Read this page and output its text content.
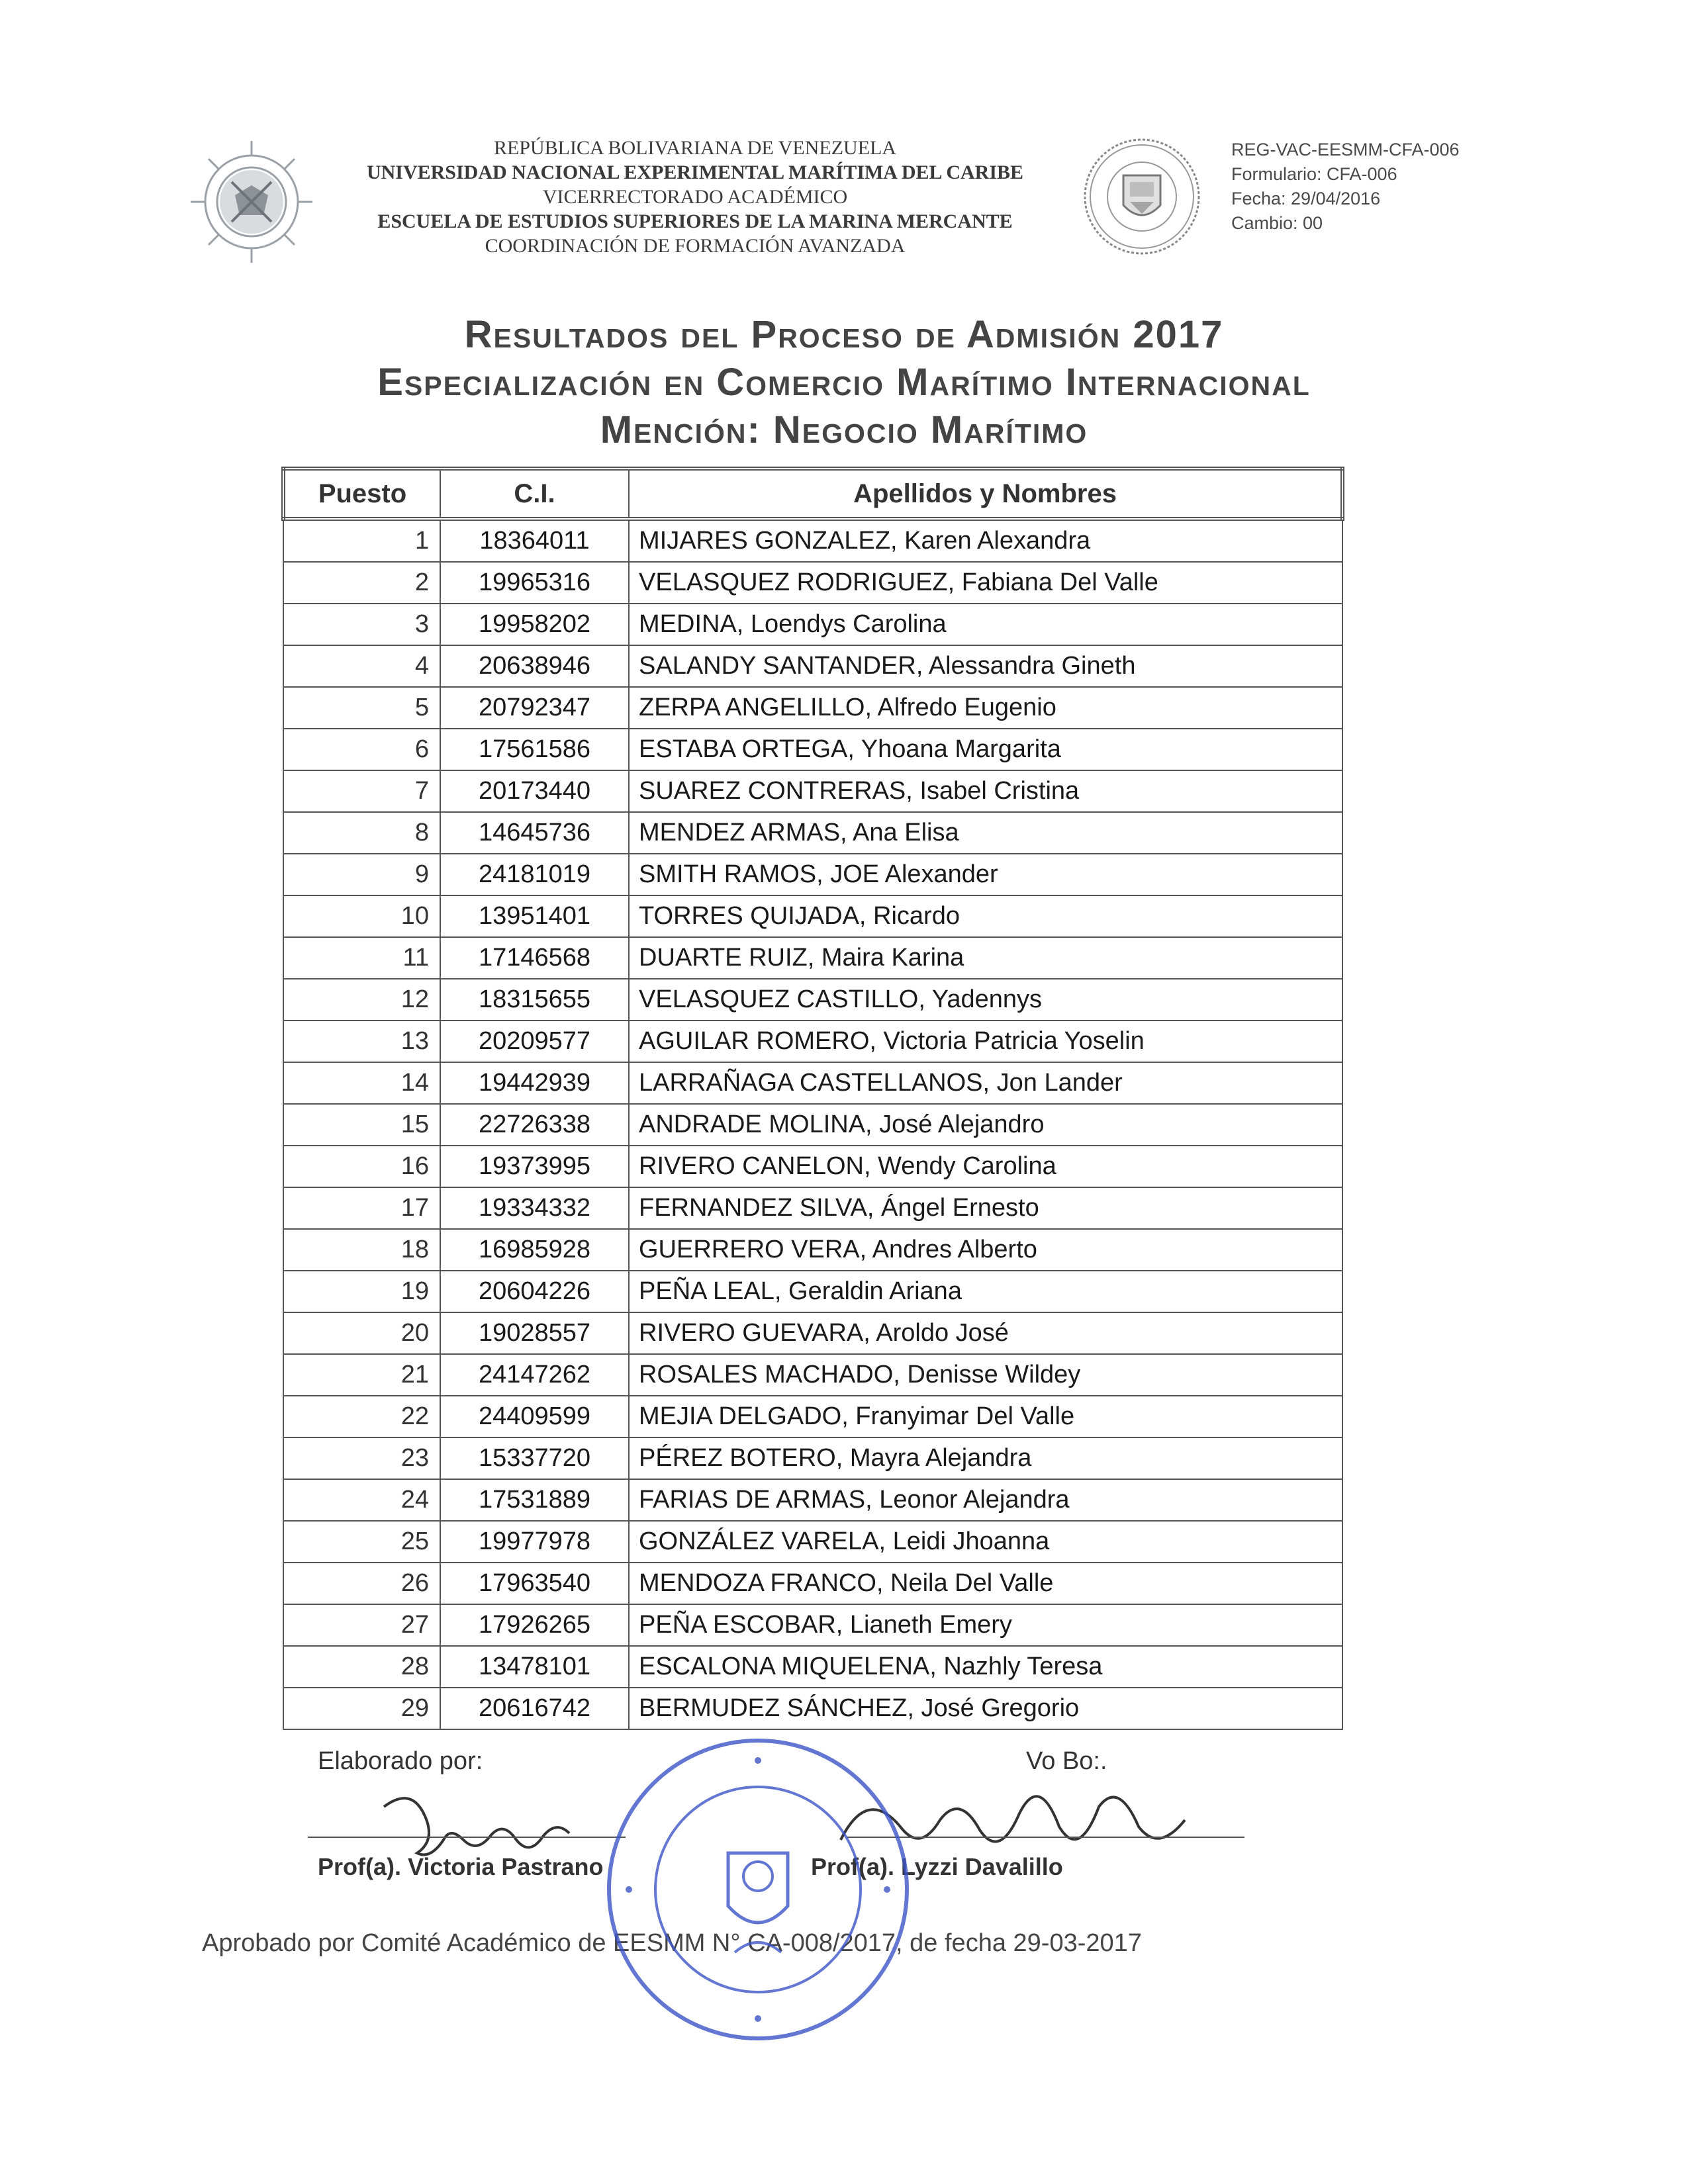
REPÚBLICA BOLIVARIANA DE VENEZUELA
UNIVERSIDAD NACIONAL EXPERIMENTAL MARÍTIMA DEL CARIBE
VICERRECTORADO ACADÉMICO
ESCUELA DE ESTUDIOS SUPERIORES DE LA MARINA MERCANTE
COORDINACIÓN DE FORMACIÓN AVANZADA
REG-VAC-EESMM-CFA-006
Formulario: CFA-006
Fecha: 29/04/2016
Cambio: 00
Resultados del Proceso de Admisión 2017
Especialización en Comercio Marítimo Internacional
Mención: Negocio Marítimo
Puesto	C.I.	Apellidos y Nombres
1	18364011	MIJARES GONZALEZ, Karen Alexandra
2	19965316	VELASQUEZ RODRIGUEZ, Fabiana Del Valle
3	19958202	MEDINA, Loendys Carolina
4	20638946	SALANDY SANTANDER, Alessandra Gineth
5	20792347	ZERPA ANGELILLO, Alfredo Eugenio
6	17561586	ESTABA ORTEGA, Yhoana Margarita
7	20173440	SUAREZ CONTRERAS, Isabel Cristina
8	14645736	MENDEZ ARMAS, Ana Elisa
9	24181019	SMITH RAMOS, JOE Alexander
10	13951401	TORRES QUIJADA, Ricardo
11	17146568	DUARTE RUIZ, Maira Karina
12	18315655	VELASQUEZ CASTILLO, Yadennys
13	20209577	AGUILAR ROMERO, Victoria Patricia Yoselin
14	19442939	LARRAÑAGA CASTELLANOS, Jon Lander
15	22726338	ANDRADE MOLINA, José Alejandro
16	19373995	RIVERO CANELON, Wendy Carolina
17	19334332	FERNANDEZ SILVA, Ángel Ernesto
18	16985928	GUERRERO VERA, Andres Alberto
19	20604226	PEÑA LEAL, Geraldin Ariana
20	19028557	RIVERO GUEVARA, Aroldo José
21	24147262	ROSALES MACHADO, Denisse Wildey
22	24409599	MEJIA DELGADO, Franyimar Del Valle
23	15337720	PÉREZ BOTERO, Mayra Alejandra
24	17531889	FARIAS DE ARMAS, Leonor Alejandra
25	19977978	GONZÁLEZ VARELA, Leidi Jhoanna
26	17963540	MENDOZA FRANCO, Neila Del Valle
27	17926265	PEÑA ESCOBAR, Lianeth Emery
28	13478101	ESCALONA MIQUELENA, Nazhly Teresa
29	20616742	BERMUDEZ SÁNCHEZ, José Gregorio
Elaborado por:	Vo Bo:.
Prof(a). Victoria Pastrano	Prof(a). Lyzzi Davalillo
Aprobado por Comité Académico de EESMM N° CA-008/2017, de fecha 29-03-2017
